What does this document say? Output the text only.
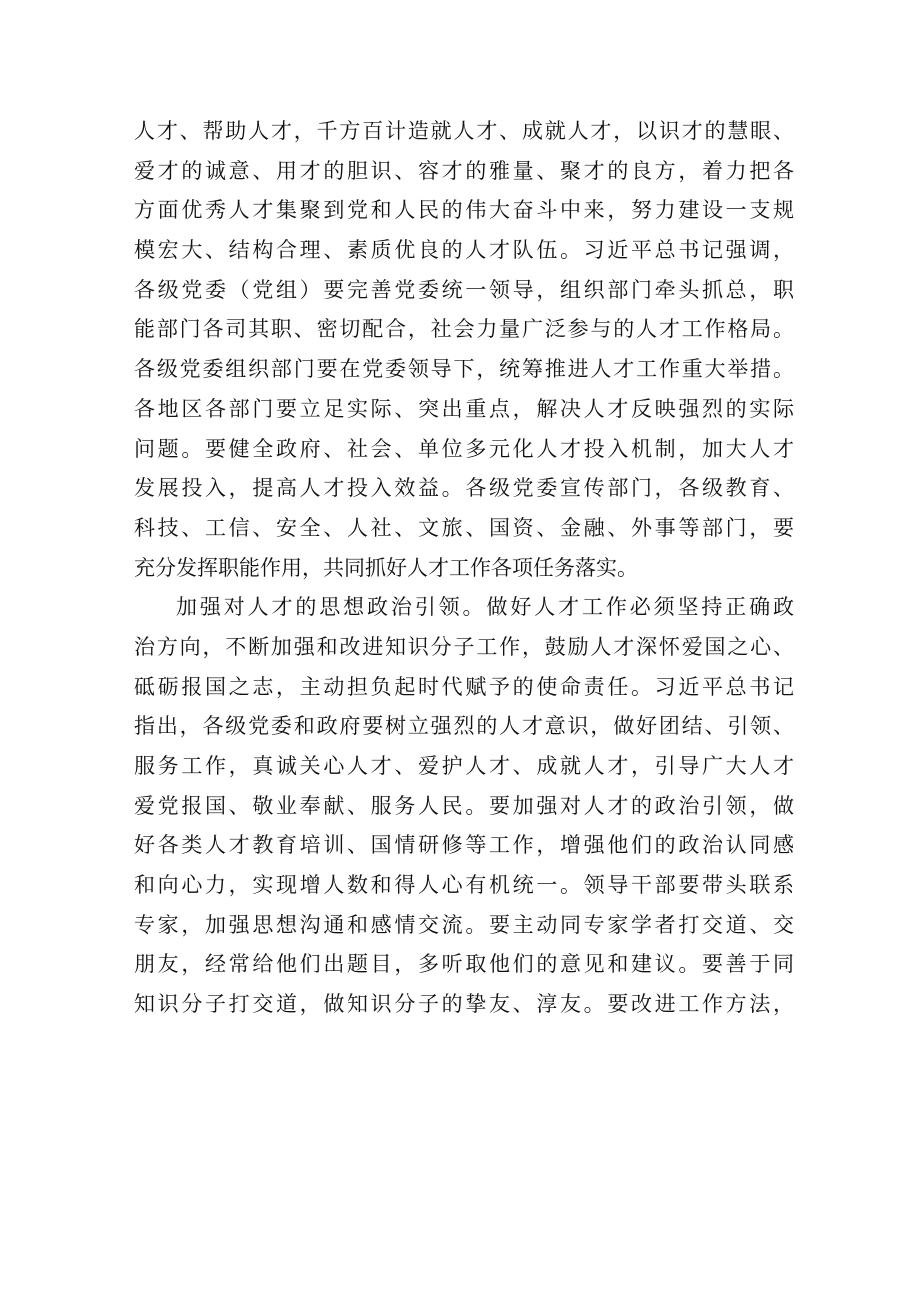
人才、帮助人才，千方百计造就人才、成就人才，以识才的慧眼、
爱才的诚意、用才的胆识、容才的雅量、聚才的良方，着力把各
方面优秀人才集聚到党和人民的伟大奋斗中来，努力建设一支规
模宏大、结构合理、素质优良的人才队伍。习近平总书记强调，
各级党委（党组）要完善党委统一领导，组织部门牵头抓总，职
能部门各司其职、密切配合，社会力量广泛参与的人才工作格局。
各级党委组织部门要在党委领导下，统筹推进人才工作重大举措。
各地区各部门要立足实际、突出重点，解决人才反映强烈的实际
问题。要健全政府、社会、单位多元化人才投入机制，加大人才
发展投入，提高人才投入效益。各级党委宣传部门，各级教育、
科技、工信、安全、人社、文旅、国资、金融、外事等部门，要
充分发挥职能作用，共同抓好人才工作各项任务落实。
加强对人才的思想政治引领。做好人才工作必须坚持正确政
治方向，不断加强和改进知识分子工作，鼓励人才深怀爱国之心、
砥砺报国之志，主动担负起时代赋予的使命责任。习近平总书记
指出，各级党委和政府要树立强烈的人才意识，做好团结、引领、
服务工作，真诚关心人才、爱护人才、成就人才，引导广大人才
爱党报国、敬业奉献、服务人民。要加强对人才的政治引领，做
好各类人才教育培训、国情研修等工作，增强他们的政治认同感
和向心力，实现增人数和得人心有机统一。领导干部要带头联系
专家，加强思想沟通和感情交流。要主动同专家学者打交道、交
朋友，经常给他们出题目，多听取他们的意见和建议。要善于同
知识分子打交道，做知识分子的挚友、淳友。要改进工作方法，
